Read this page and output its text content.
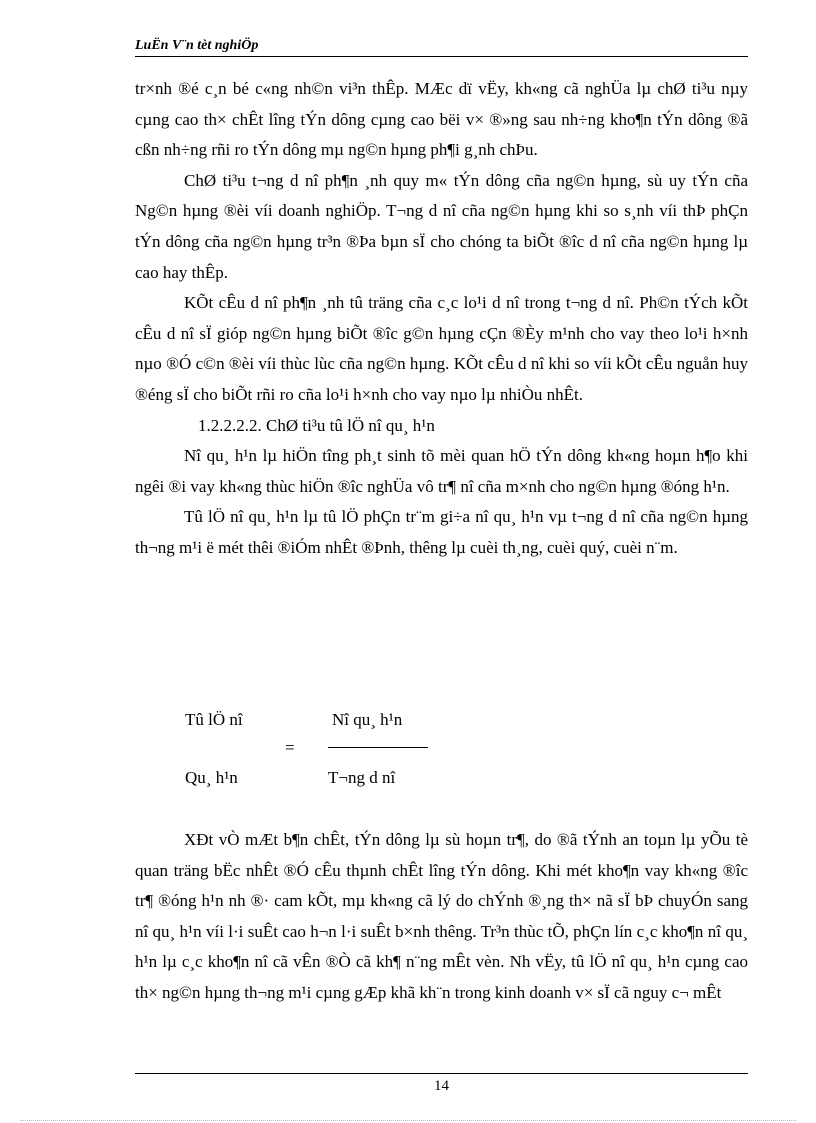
LuËn V¨n tèt nghiÖp

tr×nh ®é c¸n bé c«ng nh©n vi³n thÊp. MÆc dï vËy, kh«ng cã nghÜa lµ chØ ti³u nµy cµng cao th× chÊt lîng tÝn dông cµng cao bëi v× ®»ng sau nh÷ng kho¶n tÝn dông ®ã cßn nh÷ng rñi ro tÝn dông mµ ng©n hµng ph¶i g¸nh chÞu.

ChØ ti³u t¬ng d nî ph¶n ¸nh quy m« tÝn dông cña ng©n hµng, sù uy tÝn cña Ng©n hµng ®èi víi doanh nghiÖp. T¬ng d nî cña ng©n hµng khi so s¸nh víi thÞ phÇn tÝn dông cña ng©n hµng tr³n ®Þa bµn sÏ cho chóng ta biÕt ®îc d nî cña ng©n hµng lµ cao hay thÊp.

KÕt cÊu d nî ph¶n ¸nh tû träng cña c¸c lo¹i d nî trong t¬ng d nî. Ph©n tÝch kÕt cÊu d nî sÏ gióp ng©n hµng biÕt ®îc g©n hµng cÇn ®Èy m¹nh cho vay theo lo¹i h×nh nµo ®Ó c©n ®èi víi thùc lùc cña ng©n hµng. KÕt cÊu d nî khi so víi kÕt cÊu nguån huy ®éng sÏ cho biÕt rñi ro cña lo¹i h×nh cho vay nµo lµ nhiÒu nhÊt.

1.2.2.2.2. ChØ ti³u tû lÖ nî qu¸ h¹n

Nî qu¸ h¹n lµ hiÖn tîng ph¸t sinh tõ mèi quan hÖ tÝn dông kh«ng hoµn h¶o khi ngêi ®i vay kh«ng thùc hiÖn ®îc nghÜa vô tr¶ nî cña m×nh cho ng©n hµng ®óng h¹n.

Tû lÖ nî qu¸ h¹n lµ tû lÖ phÇn tr¨m gi÷a nî qu¸ h¹n vµ t¬ng d nî cña ng©n hµng th¬ng m¹i ë mét thêi ®iÓm nhÊt ®Þnh, thêng lµ cuèi th¸ng, cuèi quý, cuèi n¨m.

Tû lÖ nî
=
Nî qu¸ h¹n
Qu¸ h¹n	T¬ng d nî

XÐt vÒ mÆt b¶n chÊt, tÝn dông lµ sù hoµn tr¶, do ®ã tÝnh an toµn lµ yÕu tè quan träng bËc nhÊt ®Ó cÊu thµnh chÊt lîng tÝn dông. Khi mét kho¶n vay kh«ng ®îc tr¶ ®óng h¹n nh ®· cam kÕt, mµ kh«ng cã lý do chÝnh ®¸ng th× nã sÏ bÞ chuyÓn sang nî qu¸ h¹n víi l·i suÊt cao h¬n l·i suÊt b×nh thêng. Tr³n thùc tÕ, phÇn lín c¸c kho¶n nî qu¸ h¹n lµ c¸c kho¶n nî cã vÊn ®Ò cã kh¶ n¨ng mÊt vèn. Nh vËy, tû lÖ nî qu¸ h¹n cµng cao th× ng©n hµng th¬ng m¹i cµng gÆp khã kh¨n trong kinh doanh v× sÏ cã nguy c¬ mÊt

14
